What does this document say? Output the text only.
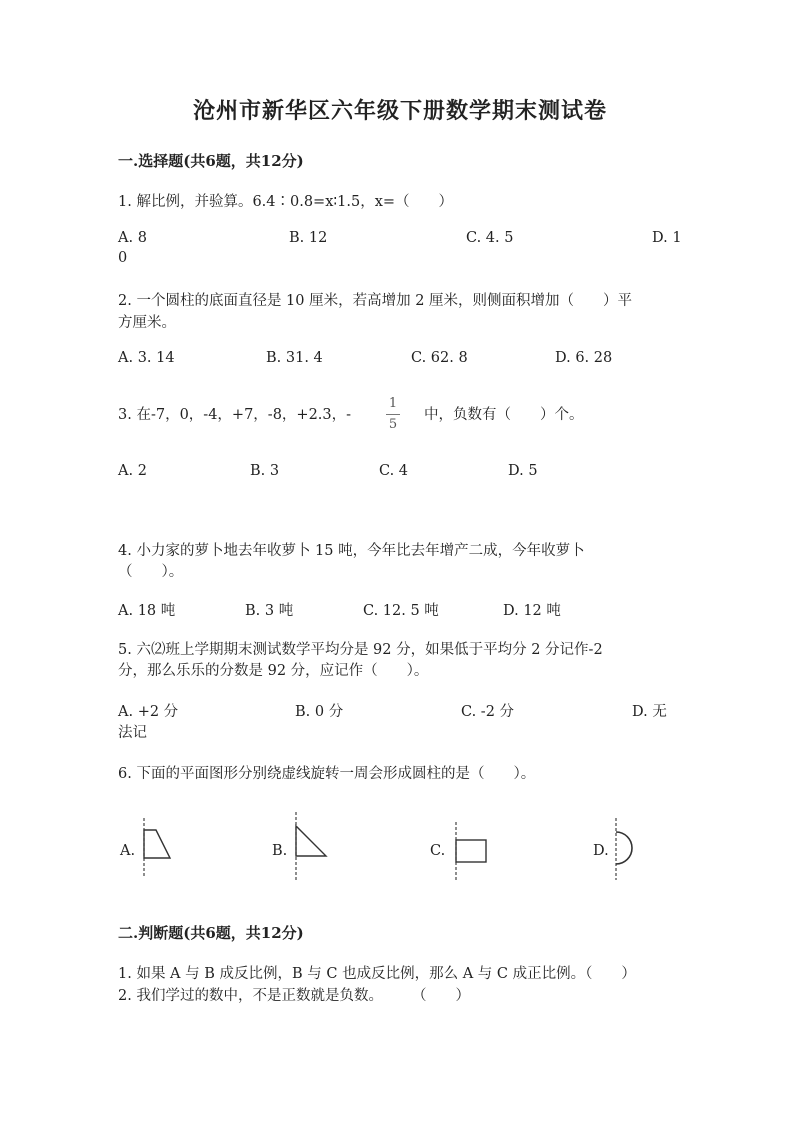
沧州市新华区六年级下册数学期末测试卷
一.选择题(共6题，共12分)
1. 解比例，并验算。6.4∶0.8=x∶1.5，x=（　　）
A. 8	B. 12	C. 4. 5	D. 1
0
2. 一个圆柱的底面直径是 10 厘米，若高增加 2 厘米，则侧面积增加（　　）平
方厘米。
A. 3. 14	B. 31. 4	C. 62. 8	D. 6. 28
3. 在-7，0，-4，+7，-8，+2.3，-
1
5
中，负数有（　　）个。
A. 2	B. 3	C. 4	D. 5
4. 小力家的萝卜地去年收萝卜 15 吨，今年比去年增产二成，今年收萝卜
（　　）。
A. 18 吨	B. 3 吨	C. 12. 5 吨	D. 12 吨
5. 六⑵班上学期期末测试数学平均分是 92 分，如果低于平均分 2 分记作-2
分，那么乐乐的分数是 92 分，应记作（　　）。
A. +2 分	B. 0 分	C. -2 分	D. 无
法记
6. 下面的平面图形分别绕虚线旋转一周会形成圆柱的是（　　）。
A.	B.	C.	D.
二.判断题(共6题，共12分)
1. 如果 A 与 B 成反比例，B 与 C 也成反比例，那么 A 与 C 成正比例。（　　）
2. 我们学过的数中，不是正数就是负数。　　　（　　）
